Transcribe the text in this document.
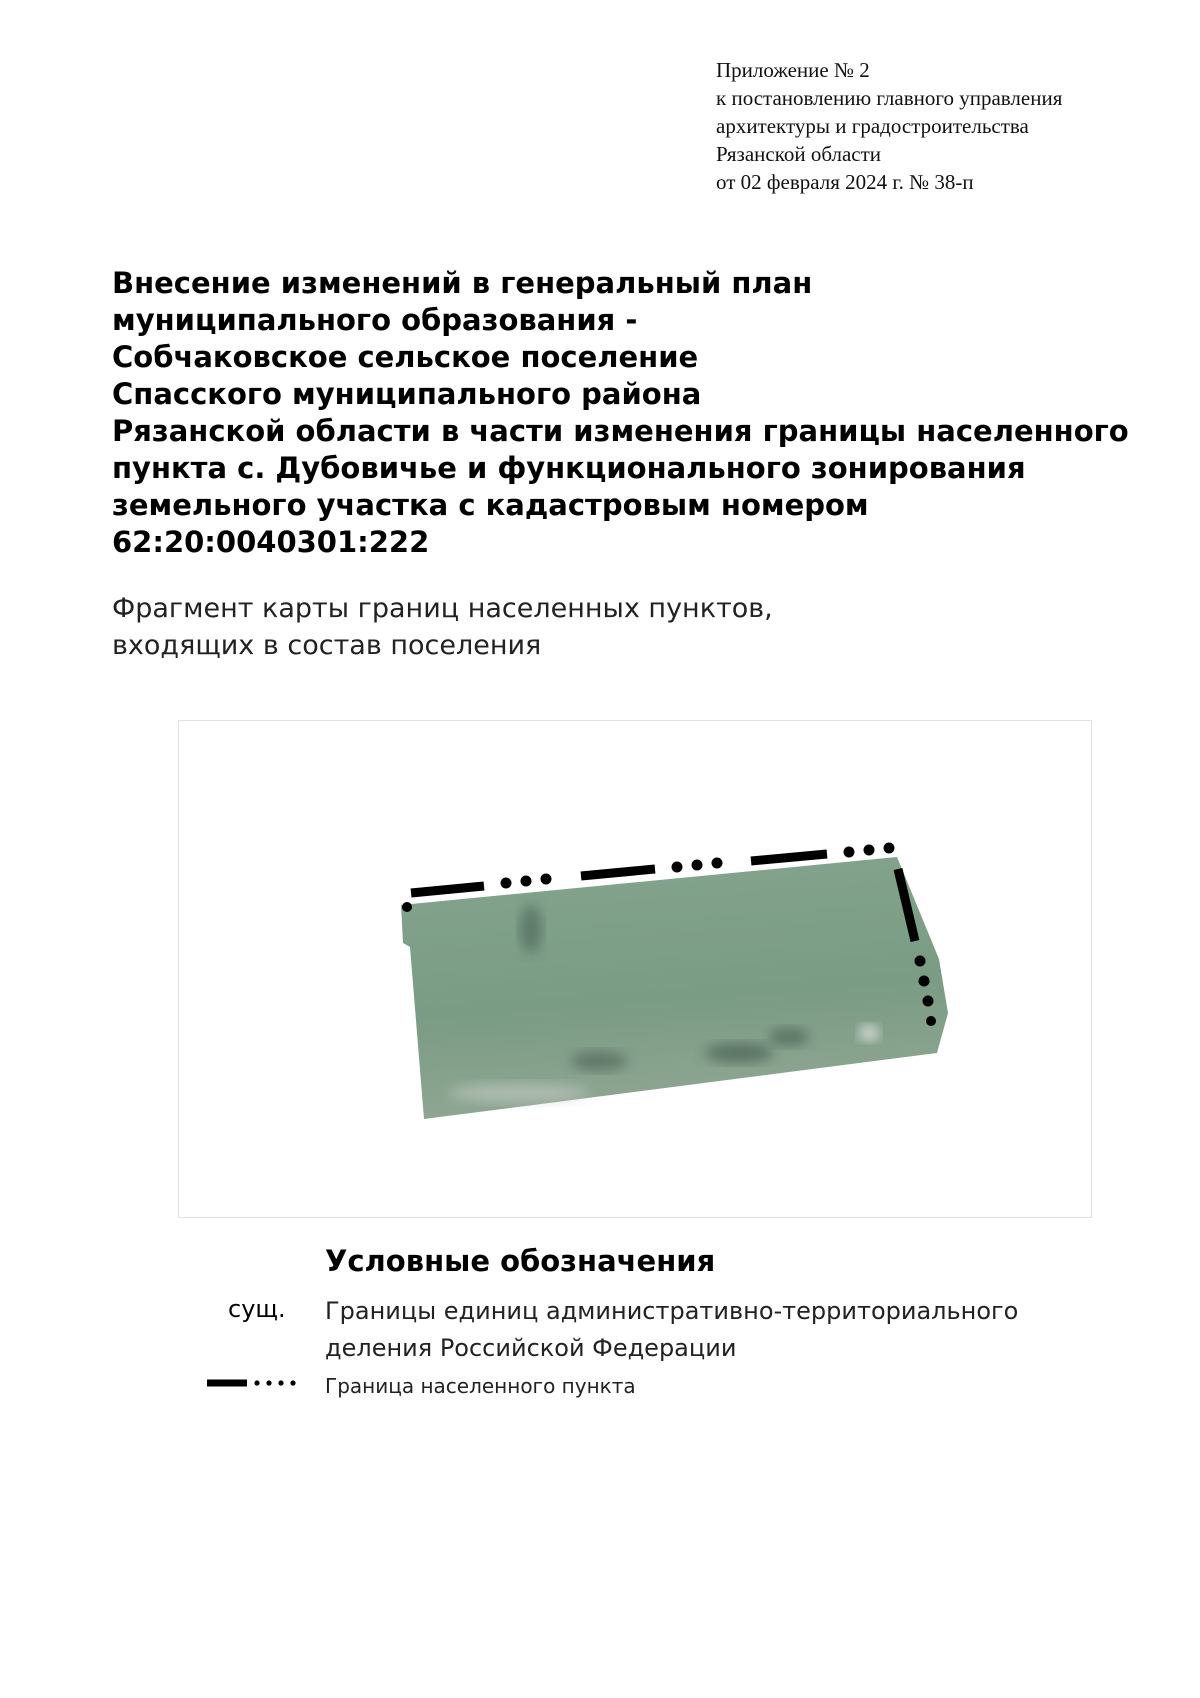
Приложение № 2
к постановлению главного управления
архитектуры и градостроительства
Рязанской области
от 02 февраля 2024 г. № 38-п
Внесение изменений в генеральный план
муниципального образования -
Собчаковское сельское поселение
Спасского муниципального района
Рязанской области в части изменения границы населенного
пункта с. Дубовичье и функционального зонирования
земельного участка с кадастровым номером
62:20:0040301:222
Фрагмент карты границ населенных пунктов,
входящих в состав поселения
Условные обозначения
сущ. Границы единиц административно-территориального
деления Российской Федерации
Граница населенного пункта
